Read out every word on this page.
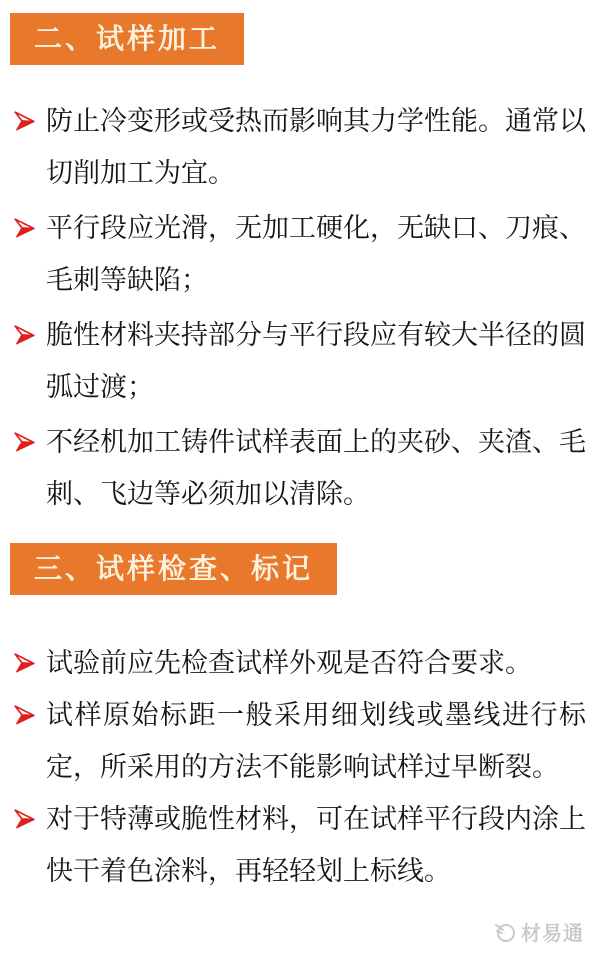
二、试样加工
防止冷变形或受热而影响其力学性能。通常以切削加工为宜。
平行段应光滑，无加工硬化，无缺口、刀痕、毛刺等缺陷；
脆性材料夹持部分与平行段应有较大半径的圆弧过渡；
不经机加工铸件试样表面上的夹砂、夹渣、毛刺、飞边等必须加以清除。
三、试样检查、标记
试验前应先检查试样外观是否符合要求。
试样原始标距一般采用细划线或墨线进行标定，所采用的方法不能影响试样过早断裂。
对于特薄或脆性材料，可在试样平行段内涂上快干着色涂料，再轻轻划上标线。
材易通
